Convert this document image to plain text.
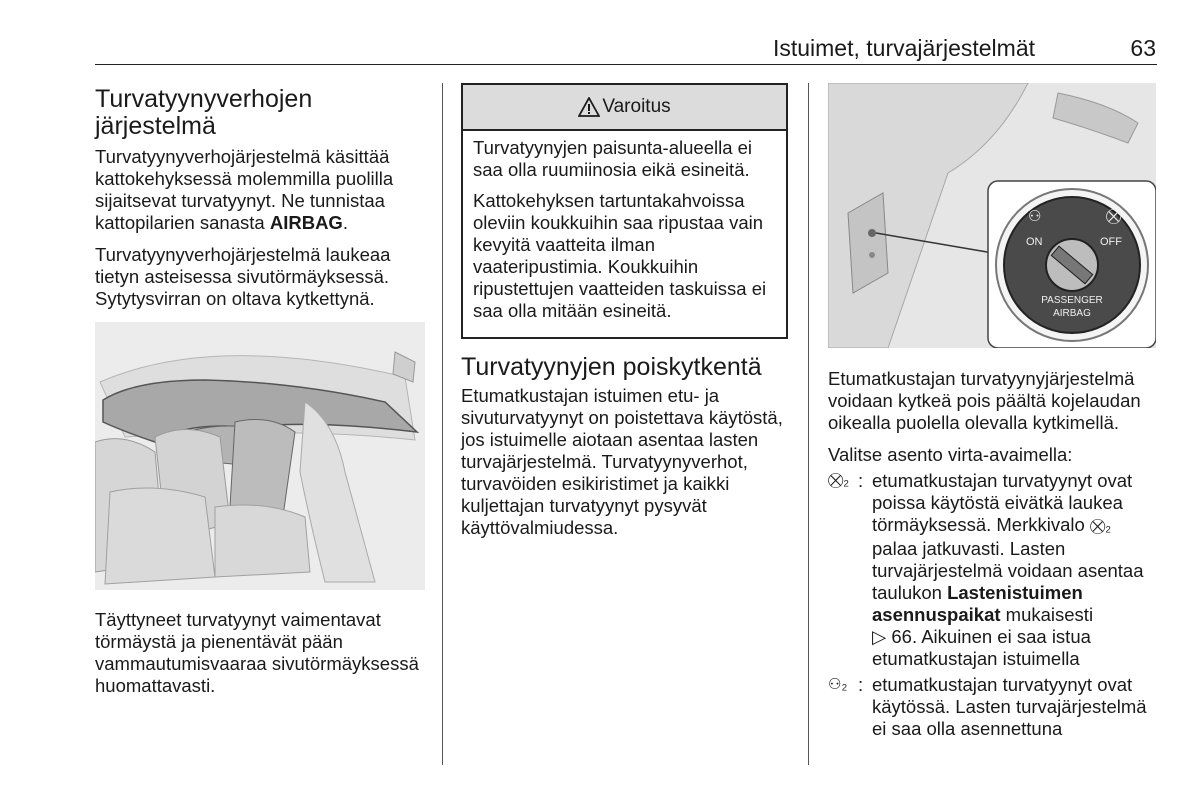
Istuimet, turvajärjestelmät	63
Turvatyynyverhojen järjestelmä

Turvatyynyverhojärjestelmä käsittää kattokehyksessä molemmilla puolilla sijaitsevat turvatyynyt. Ne tunnistaa kattopilarien sanasta AIRBAG.

Turvatyynyverhojärjestelmä laukeaa tietyn asteisessa sivutörmäyksessä. Sytytysvirran on oltava kytkettynä.

Täyttyneet turvatyynyt vaimentavat törmäystä ja pienentävät pään vammautumisvaaraa sivutörmäyksessä huomattavasti.
Varoitus

Turvatyynyjen paisunta-alueella ei saa olla ruumiinosia eikä esineitä.

Kattokehyksen tartuntakahvoissa oleviin koukkuihin saa ripustaa vain kevyitä vaatteita ilman vaateripustimia. Koukkuihin ripustettujen vaatteiden taskuissa ei saa olla mitään esineitä.

Turvatyynyjen poiskytkentä

Etumatkustajan istuimen etu- ja sivuturvatyynyt on poistettava käytöstä, jos istuimelle aiotaan asentaa lasten turvajärjestelmä. Turvatyynyverhot, turvavöiden esikiristimet ja kaikki kuljettajan turvatyynyt pysyvät käyttövalmiudessa.

⚇	⛒
ON	OFF
PASSENGER
AIRBAG

Etumatkustajan turvatyynyjärjestelmä voidaan kytkeä pois päältä kojelaudan oikealla puolella olevalla kytkimellä.

Valitse asento virta-avaimella:

⛒₂ : etumatkustajan turvatyynyt ovat poissa käytöstä eivätkä laukea törmäyksessä. Merkkivalo ⛒₂ palaa jatkuvasti. Lasten turvajärjestelmä voidaan asentaa taulukon Lastenistuimen asennuspaikat mukaisesti
▷ 66. Aikuinen ei saa istua etumatkustajan istuimella
⚇₂ : etumatkustajan turvatyynyt ovat käytössä. Lasten turvajärjestelmä ei saa olla asennettuna
